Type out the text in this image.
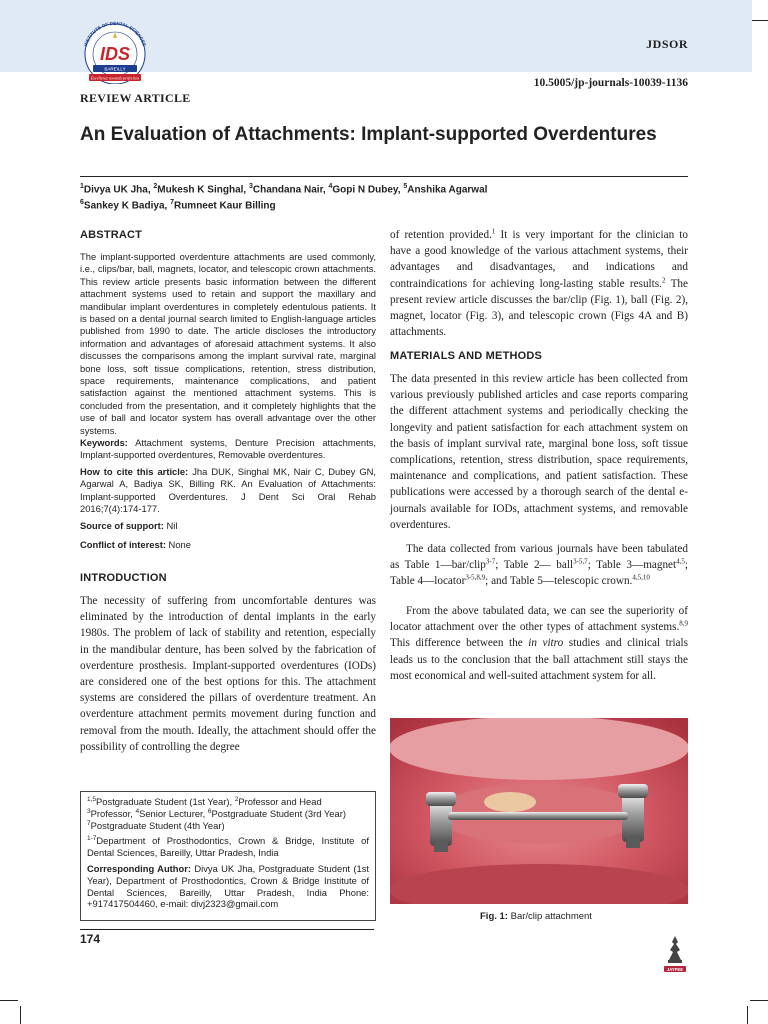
INSTITUTE OF DENTAL SCIENCES
IDS
BAREILLY
Excellence towards perfection
JDSOR
10.5005/jp-journals-10039-1136
REVIEW ARTICLE
An Evaluation of Attachments: Implant-supported Overdentures
$^1$Divya UK Jha, $^2$Mukesh K Singhal, $^3$Chandana Nair, $^4$Gopi N Dubey, $^5$Anshika Agarwal
$^6$Sankey K Badiya, $^7$Rumneet Kaur Billing
ABSTRACT

The implant-supported overdenture attachments are used commonly, i.e., clips/bar, ball, magnets, locator, and telescopic crown attachments. This review article presents basic information between the different attachment systems used to retain and support the maxillary and mandibular implant overdentures in completely edentulous patients. It is based on a dental journal search limited to English-language articles published from 1990 to date. The article discloses the introductory information and advantages of aforesaid attachment systems. It also discusses the comparisons among the implant survival rate, marginal bone loss, soft tissue complications, retention, stress distribution, space requirements, maintenance complications, and patient satisfaction against the mentioned attachment systems. This is concluded from the presentation, and it completely highlights that the use of ball and locator system has overall advantage over the other systems.

Keywords: Attachment systems, Denture Precision attachments, Implant-supported overdentures, Removable overdentures.

How to cite this article: Jha DUK, Singhal MK, Nair C, Dubey GN, Agarwal A, Badiya SK, Billing RK. An Evaluation of Attachments: Implant-supported Overdentures. J Dent Sci Oral Rehab 2016;7(4):174-177.

Source of support: Nil

Conflict of interest: None

INTRODUCTION

The necessity of suffering from uncomfortable dentures was eliminated by the introduction of dental implants in the early 1980s. The problem of lack of stability and retention, especially in the mandibular denture, has been solved by the fabrication of overdenture prosthesis. Implant-supported overdentures (IODs) are considered one of the best options for this. The attachment systems are considered the pillars of overdenture treatment. An overdenture attachment permits movement during function and removal from the mouth. Ideally, the attachment should offer the possibility of controlling the degree

$^{1,5}$Postgraduate Student (1st Year), $^2$Professor and Head
$^3$Professor, $^4$Senior Lecturer, $^6$Postgraduate Student (3rd Year)
$^7$Postgraduate Student (4th Year)
$^{1-7}$Department of Prosthodontics, Crown & Bridge, Institute of Dental Sciences, Bareilly, Uttar Pradesh, India
Corresponding Author: Divya UK Jha, Postgraduate Student (1st Year), Department of Prosthodontics, Crown & Bridge Institute of Dental Sciences, Bareilly, Uttar Pradesh, India Phone: +917417504460, e-mail: divj2323@gmail.com

of retention provided.$^1$ It is very important for the clinician to have a good knowledge of the various attachment systems, their advantages and disadvantages, and indications and contraindications for achieving long-lasting stable results.$^2$ The present review article discusses the bar/clip (Fig. 1), ball (Fig. 2), magnet, locator (Fig. 3), and telescopic crown (Figs 4A and B) attachments.

MATERIALS AND METHODS

The data presented in this review article has been collected from various previously published articles and case reports comparing the different attachment systems and periodically checking the longevity and patient satisfaction for each attachment system on the basis of implant survival rate, marginal bone loss, soft tissue complications, retention, stress distribution, space requirements, maintenance and complications, and patient satisfaction. These publications were accessed by a thorough search of the dental e-journals available for IODs, attachment systems, and removable overdentures.

The data collected from various journals have been tabulated as Table 1—bar/clip$^{3-7}$; Table 2— ball$^{3-5,7}$; Table 3—magnet$^{4,5}$; Table 4—locator$^{3-5,8,9}$; and Table 5—telescopic crown.$^{4,5,10}$

From the above tabulated data, we can see the superiority of locator attachment over the other types of attachment systems.$^{8,9}$ This difference between the in vitro studies and clinical trials leads us to the conclusion that the ball attachment still stays the most economical and well-suited attachment system for all.

Fig. 1: Bar/clip attachment
174
JAYPEE
